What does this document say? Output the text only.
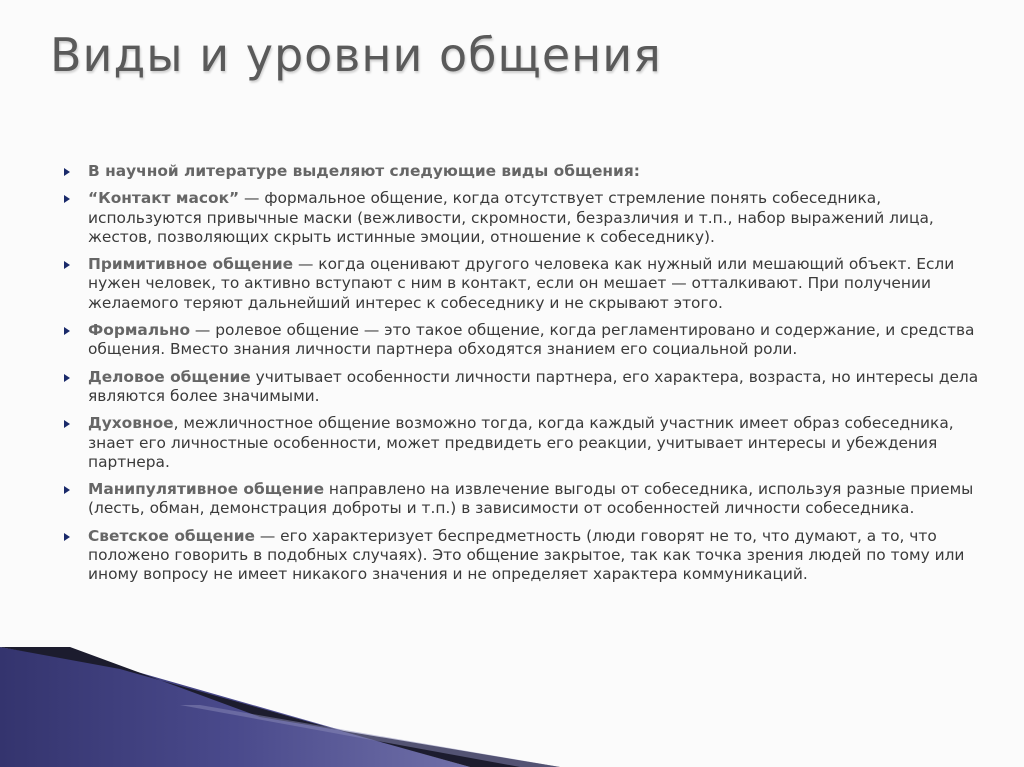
Виды и уровни общения
В научной литературе выделяют следующие виды общения:
“Контакт масок” — формальное общение, когда отсутствует стремление понять собеседника, используются привычные маски (вежливости, скромности, безразличия и т.п., набор выражений лица, жестов, позволяющих скрыть истинные эмоции, отношение к собеседнику).
Примитивное общение — когда оценивают другого человека как нужный или мешающий объект. Если нужен человек, то активно вступают с ним в контакт, если он мешает — отталкивают. При получении желаемого теряют дальнейший интерес к собеседнику и не скрывают этого.
Формально — ролевое общение — это такое общение, когда регламентировано и содержание, и средства общения. Вместо знания личности партнера обходятся знанием его социальной роли.
Деловое общение учитывает особенности личности партнера, его характера, возраста, но интересы дела являются более значимыми.
Духовное, межличностное общение возможно тогда, когда каждый участник имеет образ собеседника, знает его личностные особенности, может предвидеть его реакции, учитывает интересы и убеждения партнера.
Манипулятивное общение направлено на извлечение выгоды от собеседника, используя разные приемы (лесть, обман, демонстрация доброты и т.п.) в зависимости от особенностей личности собеседника.
Светское общение — его характеризует беспредметность (люди говорят не то, что думают, а то, что положено говорить в подобных случаях). Это общение закрытое, так как точка зрения людей по тому или иному вопросу не имеет никакого значения и не определяет характера коммуникаций.
